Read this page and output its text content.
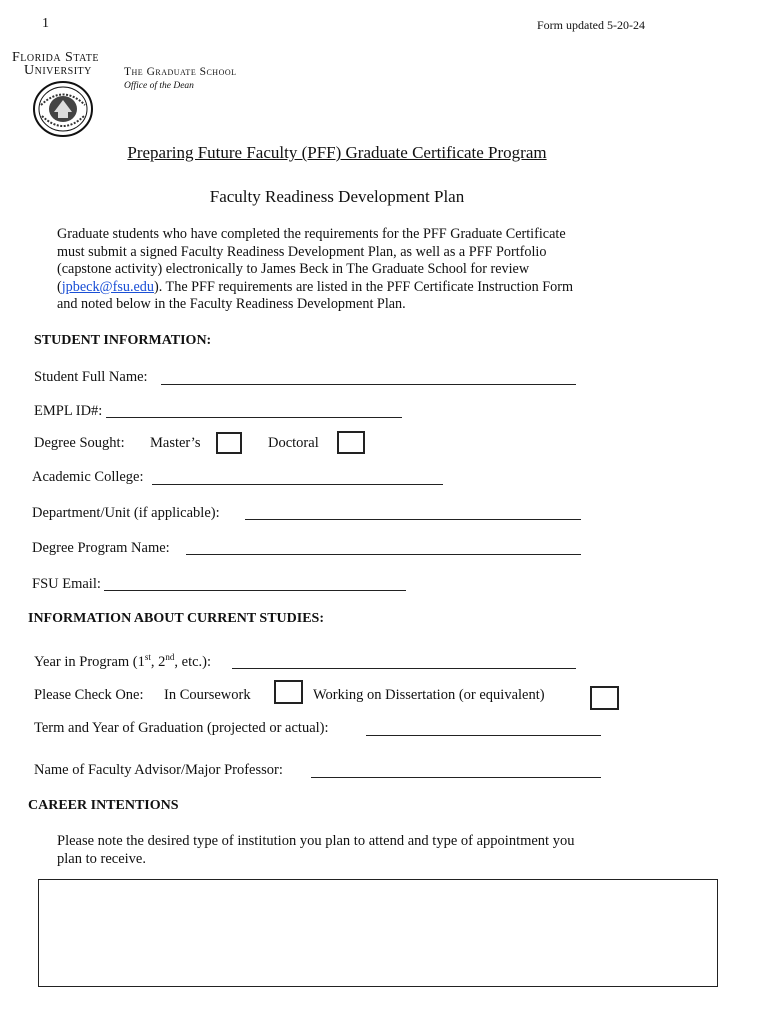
1	Form updated 5-20-24
Florida State
University	The Graduate School
Office of the Dean
Preparing Future Faculty (PFF) Graduate Certificate Program
Faculty Readiness Development Plan

Graduate students who have completed the requirements for the PFF Graduate Certificate

must submit a signed Faculty Readiness Development Plan, as well as a PFF Portfolio

(capstone activity) electronically to James Beck in The Graduate School for review

(jpbeck@fsu.edu). The PFF requirements are listed in the PFF Certificate Instruction Form

and noted below in the Faculty Readiness Development Plan.

STUDENT INFORMATION:
Student Full Name:
EMPL ID#:
Degree Sought: Master’s	Doctoral
Academic College:
Department/Unit (if applicable):
Degree Program Name:
FSU Email:
INFORMATION ABOUT CURRENT STUDIES:
Year in Program (1st, 2nd, etc.):
Please Check One: In Coursework	Working on Dissertation (or equivalent)
Term and Year of Graduation (projected or actual):
Name of Faculty Advisor/Major Professor:
CAREER INTENTIONS
Please note the desired type of institution you plan to attend and type of appointment you
plan to receive.
